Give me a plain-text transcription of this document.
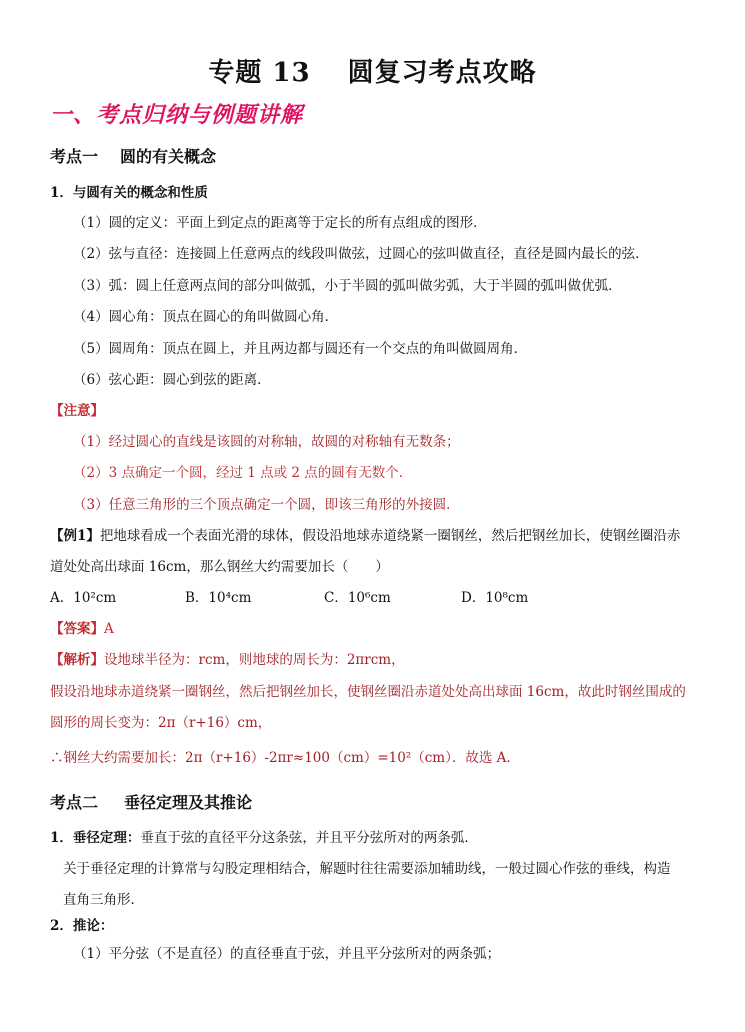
专题 13　 圆复习考点攻略
一、考点归纳与例题讲解
考点一 圆的有关概念
1．与圆有关的概念和性质
（1）圆的定义：平面上到定点的距离等于定长的所有点组成的图形．
（2）弦与直径：连接圆上任意两点的线段叫做弦，过圆心的弦叫做直径，直径是圆内最长的弦．
（3）弧：圆上任意两点间的部分叫做弧，小于半圆的弧叫做劣弧，大于半圆的弧叫做优弧．
（4）圆心角：顶点在圆心的角叫做圆心角．
（5）圆周角：顶点在圆上，并且两边都与圆还有一个交点的角叫做圆周角．
（6）弦心距：圆心到弦的距离．
【注意】
（1）经过圆心的直线是该圆的对称轴，故圆的对称轴有无数条；
（2）3 点确定一个圆，经过 1 点或 2 点的圆有无数个．
（3）任意三角形的三个顶点确定一个圆，即该三角形的外接圆．
【例1】把地球看成一个表面光滑的球体，假设沿地球赤道绕紧一圈钢丝，然后把钢丝加长，使钢丝圈沿赤
道处处高出球面 16cm，那么钢丝大约需要加长（　　）
A．10²cm	B．10⁴cm	C．10⁶cm	D．10⁸cm
【答案】A
【解析】设地球半径为：rcm，则地球的周长为：2πrcm，
假设沿地球赤道绕紧一圈钢丝，然后把钢丝加长，使钢丝圈沿赤道处处高出球面 16cm，故此时钢丝围成的
圆形的周长变为：2π（r+16）cm，
∴钢丝大约需要加长：2π（r+16）-2πr≈100（cm）=10²（cm）．故选 A．
考点二 垂径定理及其推论
1．垂径定理：垂直于弦的直径平分这条弦，并且平分弦所对的两条弧．
关于垂径定理的计算常与勾股定理相结合，解题时往往需要添加辅助线，一般过圆心作弦的垂线，构造
直角三角形．
2．推论：
（1）平分弦（不是直径）的直径垂直于弦，并且平分弦所对的两条弧；
